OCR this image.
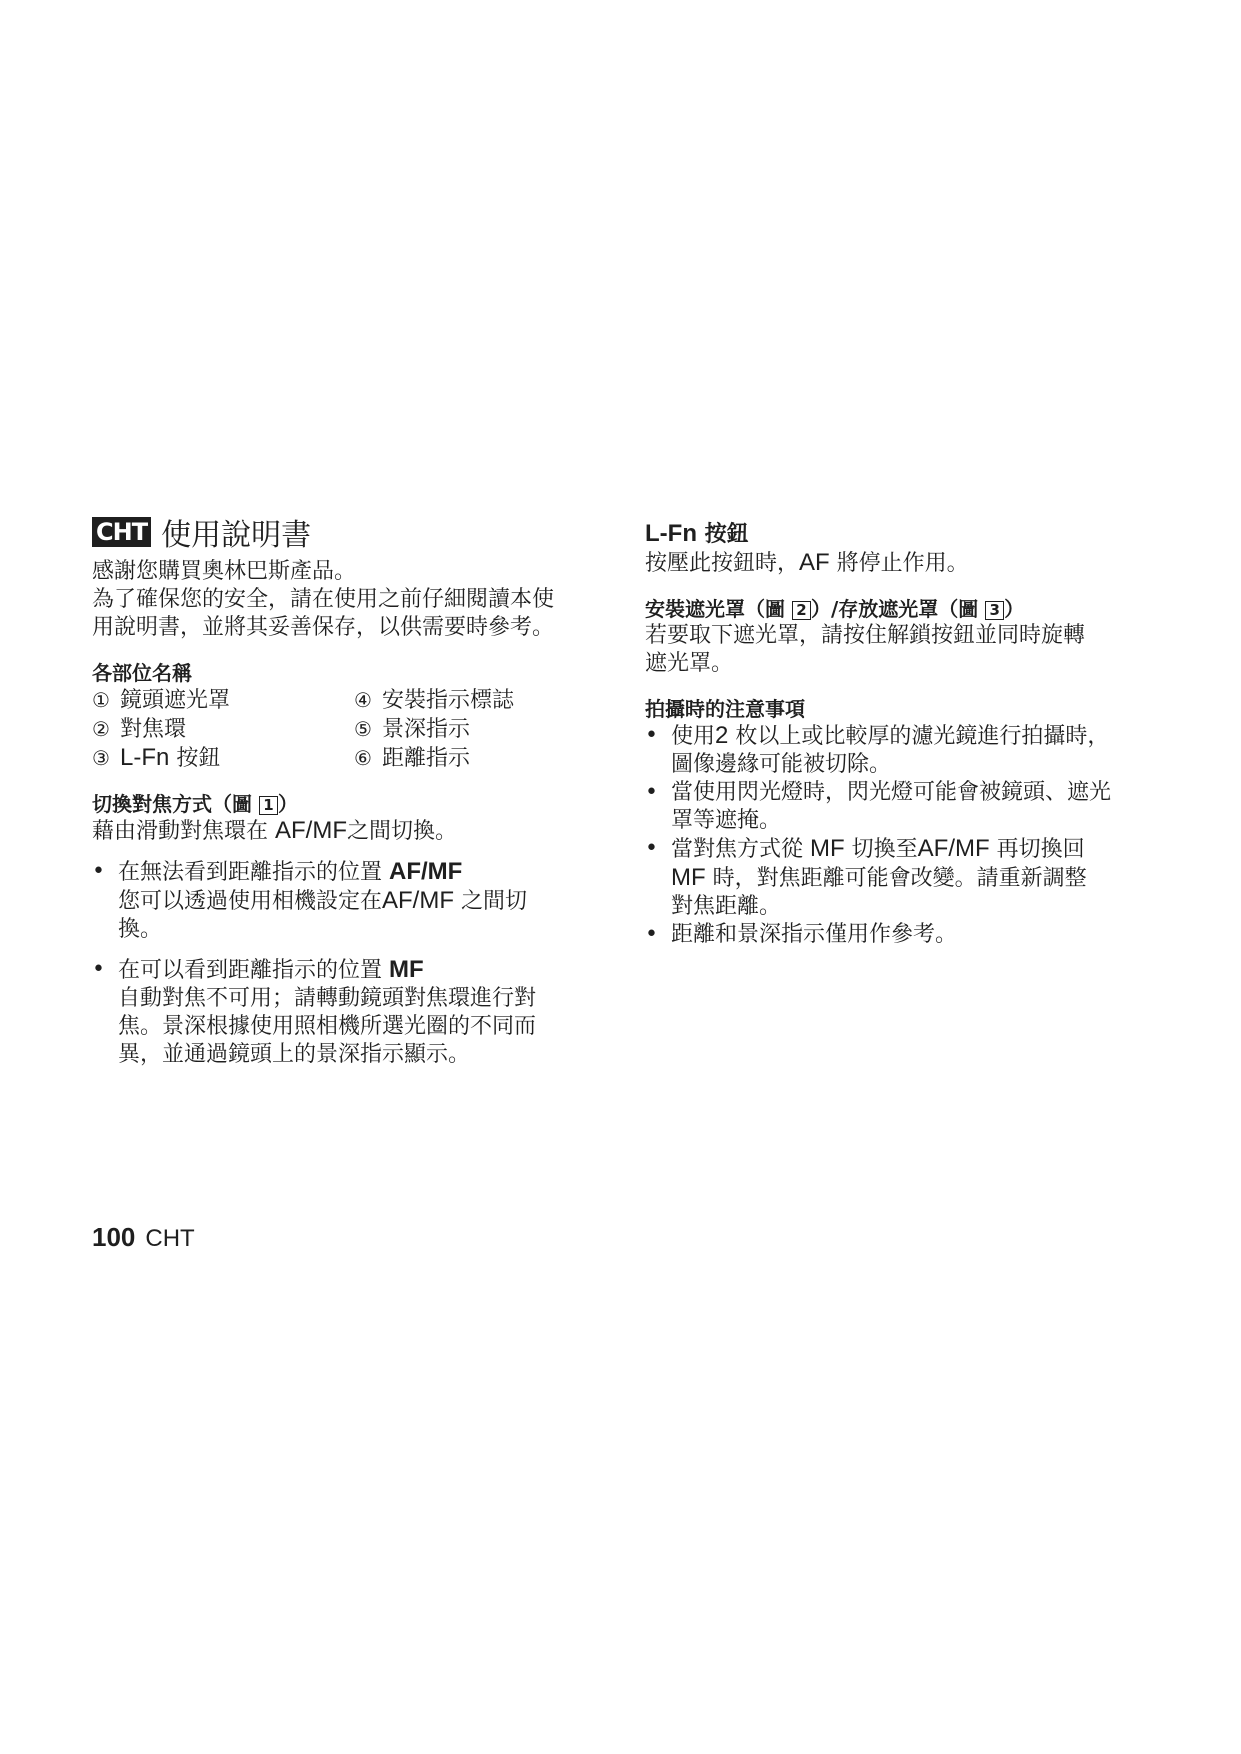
CHT 使用說明書
感謝您購買奧林巴斯產品。
為了確保您的安全，請在使用之前仔細閱讀本使
用說明書，並將其妥善保存，以供需要時參考。
各部位名稱
① 鏡頭遮光罩	④ 安裝指示標誌
② 對焦環	⑤ 景深指示
③ L-Fn 按鈕	⑥ 距離指示
切換對焦方式（圖 1 ）
藉由滑動對焦環在 AF/MF之間切換。
• 在無法看到距離指示的位置 AF/MF
您可以透過使用相機設定在AF/MF 之間切
換。
• 在可以看到距離指示的位置 MF
自動對焦不可用；請轉動鏡頭對焦環進行對
焦。景深根據使用照相機所選光圈的不同而
異，並通過鏡頭上的景深指示顯示。
L-Fn 按鈕
按壓此按鈕時，AF 將停止作用。
安裝遮光罩（圖 2 ）/存放遮光罩（圖 3 ）
若要取下遮光罩，請按住解鎖按鈕並同時旋轉
遮光罩。
拍攝時的注意事項
• 使用2 枚以上或比較厚的濾光鏡進行拍攝時，
圖像邊緣可能被切除。
• 當使用閃光燈時，閃光燈可能會被鏡頭、遮光
罩等遮掩。
• 當對焦方式從 MF 切換至AF/MF 再切換回
MF 時，對焦距離可能會改變。請重新調整
對焦距離。
• 距離和景深指示僅用作參考。
100 CHT
